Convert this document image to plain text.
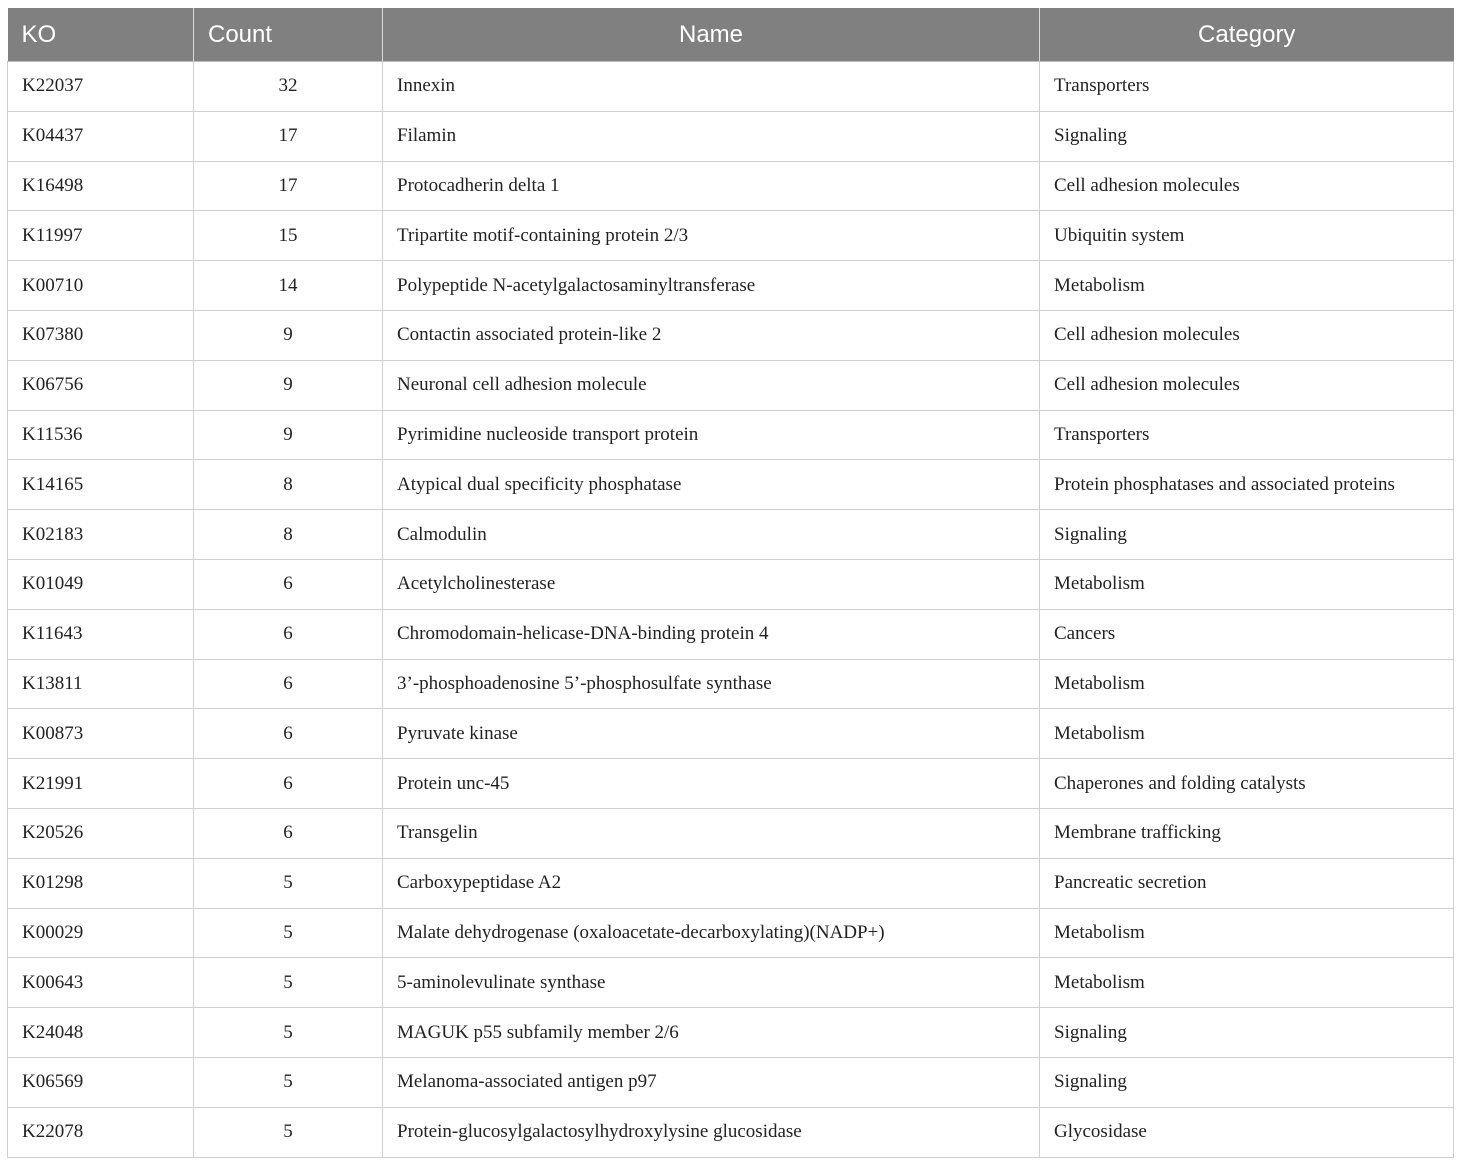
KO	Count	Name	Category
K22037	32	Innexin	Transporters
K04437	17	Filamin	Signaling
K16498	17	Protocadherin delta 1	Cell adhesion molecules
K11997	15	Tripartite motif-containing protein 2/3	Ubiquitin system
K00710	14	Polypeptide N-acetylgalactosaminyltransferase	Metabolism
K07380	9	Contactin associated protein-like 2	Cell adhesion molecules
K06756	9	Neuronal cell adhesion molecule	Cell adhesion molecules
K11536	9	Pyrimidine nucleoside transport protein	Transporters
K14165	8	Atypical dual specificity phosphatase	Protein phosphatases and associated proteins
K02183	8	Calmodulin	Signaling
K01049	6	Acetylcholinesterase	Metabolism
K11643	6	Chromodomain-helicase-DNA-binding protein 4	Cancers
K13811	6	3’-phosphoadenosine 5’-phosphosulfate synthase	Metabolism
K00873	6	Pyruvate kinase	Metabolism
K21991	6	Protein unc-45	Chaperones and folding catalysts
K20526	6	Transgelin	Membrane trafficking
K01298	5	Carboxypeptidase A2	Pancreatic secretion
K00029	5	Malate dehydrogenase (oxaloacetate-decarboxylating)(NADP+)	Metabolism
K00643	5	5-aminolevulinate synthase	Metabolism
K24048	5	MAGUK p55 subfamily member 2/6	Signaling
K06569	5	Melanoma-associated antigen p97	Signaling
K22078	5	Protein-glucosylgalactosylhydroxylysine glucosidase	Glycosidase
